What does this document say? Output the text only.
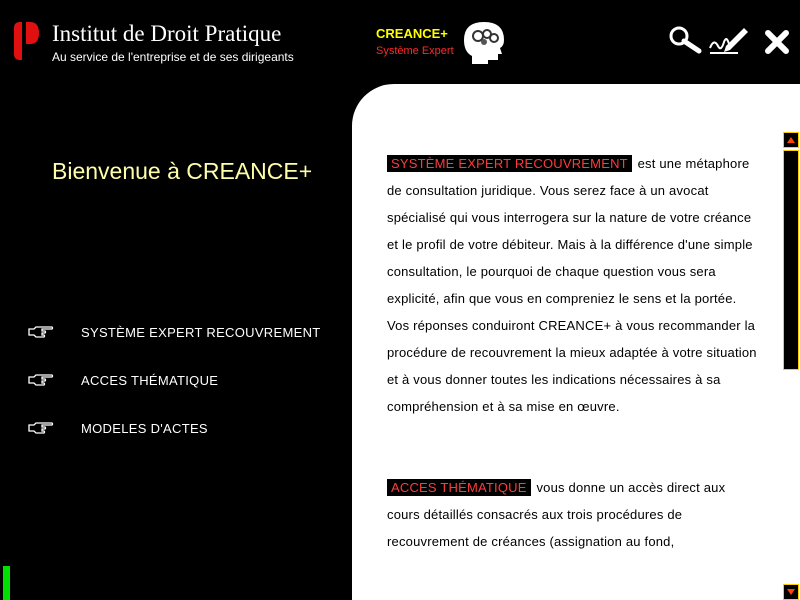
Institut de Droit Pratique
Au service de l'entreprise et de ses dirigeants
CREANCE+
Système Expert
Bienvenue à CREANCE+
SYSTÈME EXPERT RECOUVREMENT
ACCES THÉMATIQUE
MODELES D'ACTES

SYSTÈME EXPERT RECOUVREMENT est une métaphore de consultation juridique. Vous serez face à un avocat spécialisé qui vous interrogera sur la nature de votre créance et le profil de votre débiteur. Mais à la différence d'une simple consultation, le pourquoi de chaque question vous sera explicité, afin que vous en compreniez le sens et la portée. Vos réponses conduiront CREANCE+ à vous recommander la procédure de recouvrement la mieux adaptée à votre situation et à vous donner toutes les indications nécessaires à sa compréhension et à sa mise en œuvre.

ACCES THÉMATIQUE vous donne un accès direct aux cours détaillés consacrés aux trois procédures de recouvrement de créances (assignation au fond,
